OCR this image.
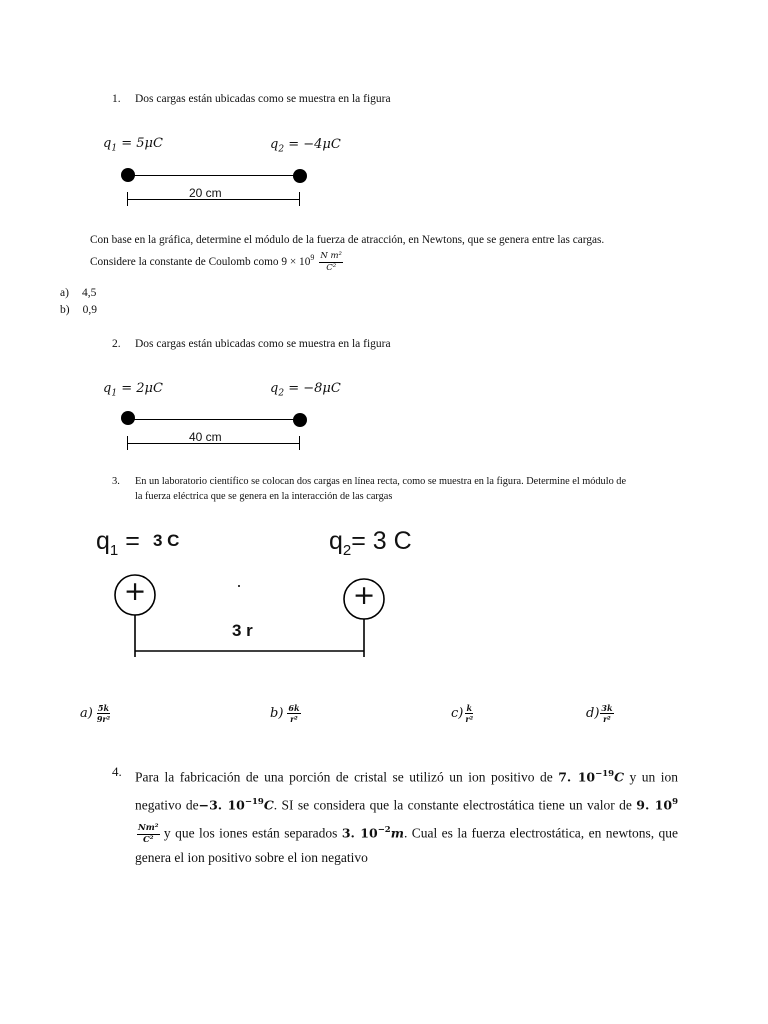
1. Dos cargas están ubicadas como se muestra en la figura
$q_1 = 5\mu C$	$q_2 = -4\mu C$
20 cm
Con base en la gráfica, determine el módulo de la fuerza de atracción, en Newtons, que se genera entre las cargas.
Considere la constante de Coulomb como $9 \times 10^9 \frac{\text{N m²}}{\text{C²}}$
a) 4,5
b) 0,9
2. Dos cargas están ubicadas como se muestra en la figura
$q_1 = 2\mu C$	$q_2 = -8\mu C$
40 cm
3. En un laboratorio científico se colocan dos cargas en línea recta, como se muestra en la figura. Determine el módulo de
la fuerza eléctrica que se genera en la interacción de las cargas
$q_1 = 3$ C	$q_2= 3$ C
+	+
3 r
$a) \frac{5k}{\text{9r²}}$	$b) \frac{6k}{\text{r²}}$	$c) \frac{k}{\text{r²}}$	$d) \frac{3k}{\text{r²}}$
4. Para la fabricación de una porción de cristal se utilizó un ion positivo de 7. $10^{-19}C$ y un ion negativo de−3. $10^{-19}C$. SI se considera que la constante electrostática tiene un valor de 9. $10^9$
$\frac{\text{Nm²}}{\text{C²}}$ y que los iones están separados 3. $10^{-2}m$. Cual es la fuerza electrostática, en newtons, que genera el ion positivo sobre el ion negativo
